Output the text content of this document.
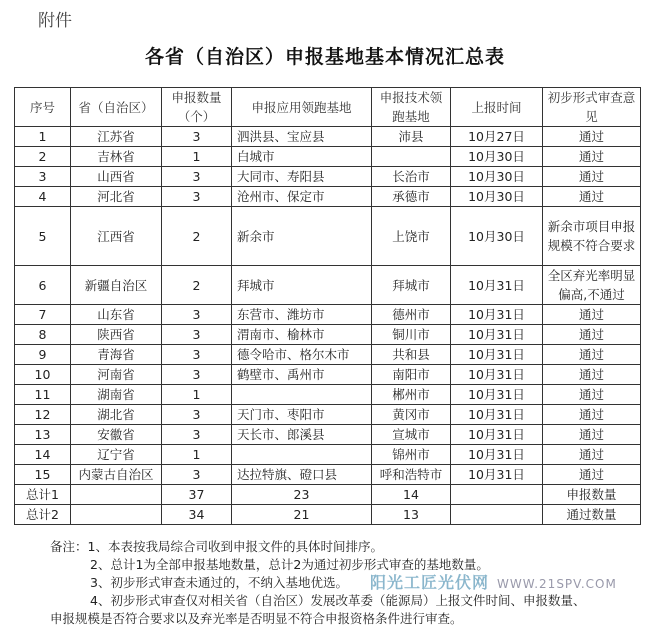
附件
各省（自治区）申报基地基本情况汇总表
序号	省（自治区）	申报数量（个）	申报应用领跑基地	申报技术领跑基地	上报时间	初步形式审查意见
1	江苏省	3	泗洪县、宝应县	沛县	10月27日	通过
2	吉林省	1	白城市		10月30日	通过
3	山西省	3	大同市、寿阳县	长治市	10月30日	通过
4	河北省	3	沧州市、保定市	承德市	10月30日	通过
5	江西省	2	新余市	上饶市	10月30日	新余市项目申报规模不符合要求
6	新疆自治区	2	拜城市	拜城市	10月31日	全区弃光率明显偏高,不通过
7	山东省	3	东营市、潍坊市	德州市	10月31日	通过
8	陕西省	3	渭南市、榆林市	铜川市	10月31日	通过
9	青海省	3	德令哈市、格尔木市	共和县	10月31日	通过
10	河南省	3	鹤壁市、禹州市	南阳市	10月31日	通过
11	湖南省	1		郴州市	10月31日	通过
12	湖北省	3	天门市、枣阳市	黄冈市	10月31日	通过
13	安徽省	3	天长市、郎溪县	宣城市	10月31日	通过
14	辽宁省	1		锦州市	10月31日	通过
15	内蒙古自治区	3	达拉特旗、磴口县	呼和浩特市	10月31日	通过
总计1		37	23	14		申报数量
总计2		34	21	13		通过数量
备注：1、本表按我局综合司收到申报文件的具体时间排序。
2、总计1为全部申报基地数量，总计2为通过初步形式审查的基地数量。
3、初步形式审查未通过的，不纳入基地优选。
4、初步形式审查仅对相关省（自治区）发展改革委（能源局）上报文件时间、申报数量、
申报规模是否符合要求以及弃光率是否明显不符合申报资格条件进行审查。
阳光工匠光伏网 WWW.21SPV.COM
